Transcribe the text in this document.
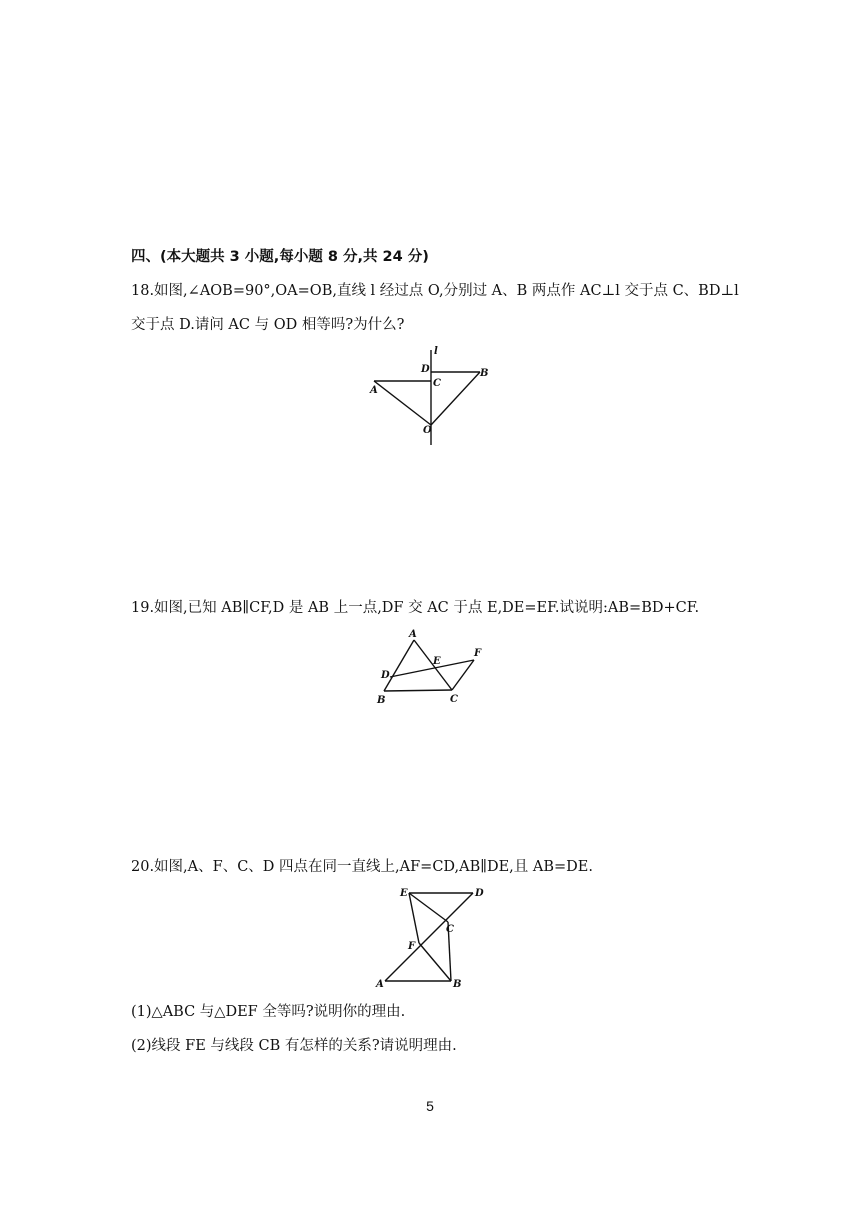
四、(本大题共 3 小题,每小题 8 分,共 24 分)
18.如图,∠AOB=90°,OA=OB,直线 l 经过点 O,分别过 A、B 两点作 AC⊥l 交于点 C、BD⊥l
交于点 D.请问 AC 与 OD 相等吗?为什么?
l
D
C
B
A
O
19.如图,已知 AB∥CF,D 是 AB 上一点,DF 交 AC 于点 E,DE=EF.试说明:AB=BD+CF.
A
E
F
D
B	C
20.如图,A、F、C、D 四点在同一直线上,AF=CD,AB∥DE,且 AB=DE.
E	D
C
F
A	B
(1)△ABC 与△DEF 全等吗?说明你的理由.
(2)线段 FE 与线段 CB 有怎样的关系?请说明理由.
5
